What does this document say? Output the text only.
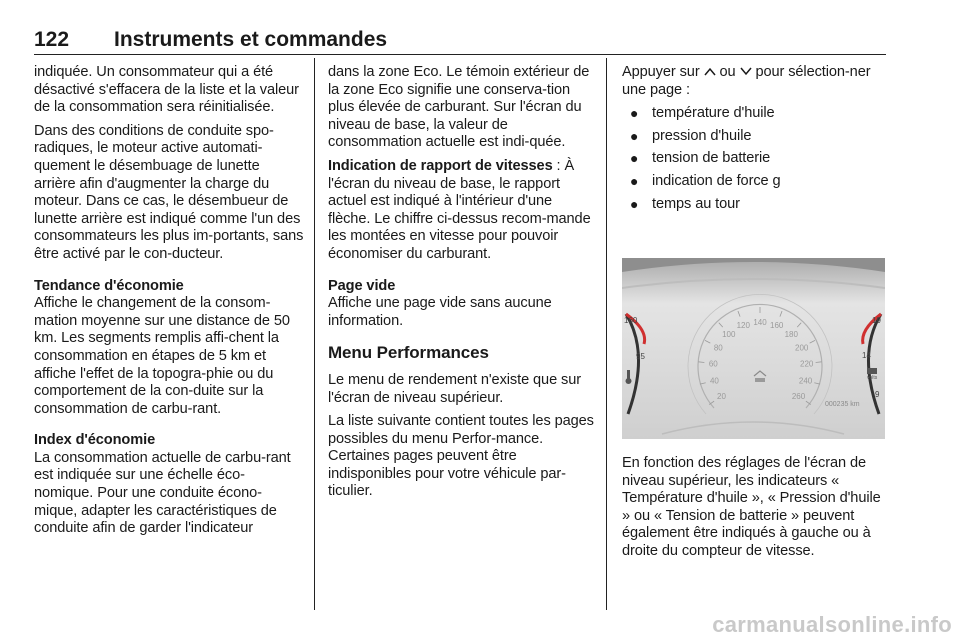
122 Instruments et commandes

indiquée. Un consommateur qui a été désactivé s'effacera de la liste et la valeur de la consommation sera réinitialisée.

Dans des conditions de conduite spo-radiques, le moteur active automati-quement le désembuage de lunette arrière afin d'augmenter la charge du moteur. Dans ce cas, le désembueur de lunette arrière est indiqué comme l'un des consommateurs les plus im-portants, sans être activé par le con-ducteur.

Tendance d'économie

Affiche le changement de la consom-mation moyenne sur une distance de 50 km. Les segments remplis affi-chent la consommation en étapes de 5 km et affiche l'effet de la topogra-phie ou du comportement de la con-duite sur la consommation de carbu-rant.

Index d'économie

La consommation actuelle de carbu-rant est indiquée sur une échelle éco-nomique. Pour une conduite écono-mique, adapter les caractéristiques de conduite afin de garder l'indicateur

dans la zone Eco. Le témoin extérieur de la zone Eco signifie une conserva-tion plus élevée de carburant. Sur l'écran du niveau de base, la valeur de consommation actuelle est indi-quée.

Indication de rapport de vitesses : À l'écran du niveau de base, le rapport actuel est indiqué à l'intérieur d'une flèche. Le chiffre ci-dessus recom-mande les montées en vitesse pour pouvoir économiser du carburant.

Page vide

Affiche une page vide sans aucune information.

Menu Performances

Le menu de rendement n'existe que sur l'écran de niveau supérieur.

La liste suivante contient toutes les pages possibles du menu Perfor-mance. Certaines pages peuvent être indisponibles pour votre véhicule par-ticulier.

Appuyer sur  ou  pour sélection-ner une page :

● température d'huile
● pression d'huile
● tension de batterie
● indication de force g
● temps au tour

En fonction des réglages de l'écran de niveau supérieur, les indicateurs « Température d'huile », « Pression d'huile » ou « Tension de batterie » peuvent également être indiqués à gauche ou à droite du compteur de vitesse.

20
40
60
80
100
120 140 160
180
200
220
240
260
160
95
19
14
volts
9
000235 km
carmanualsonline.info
